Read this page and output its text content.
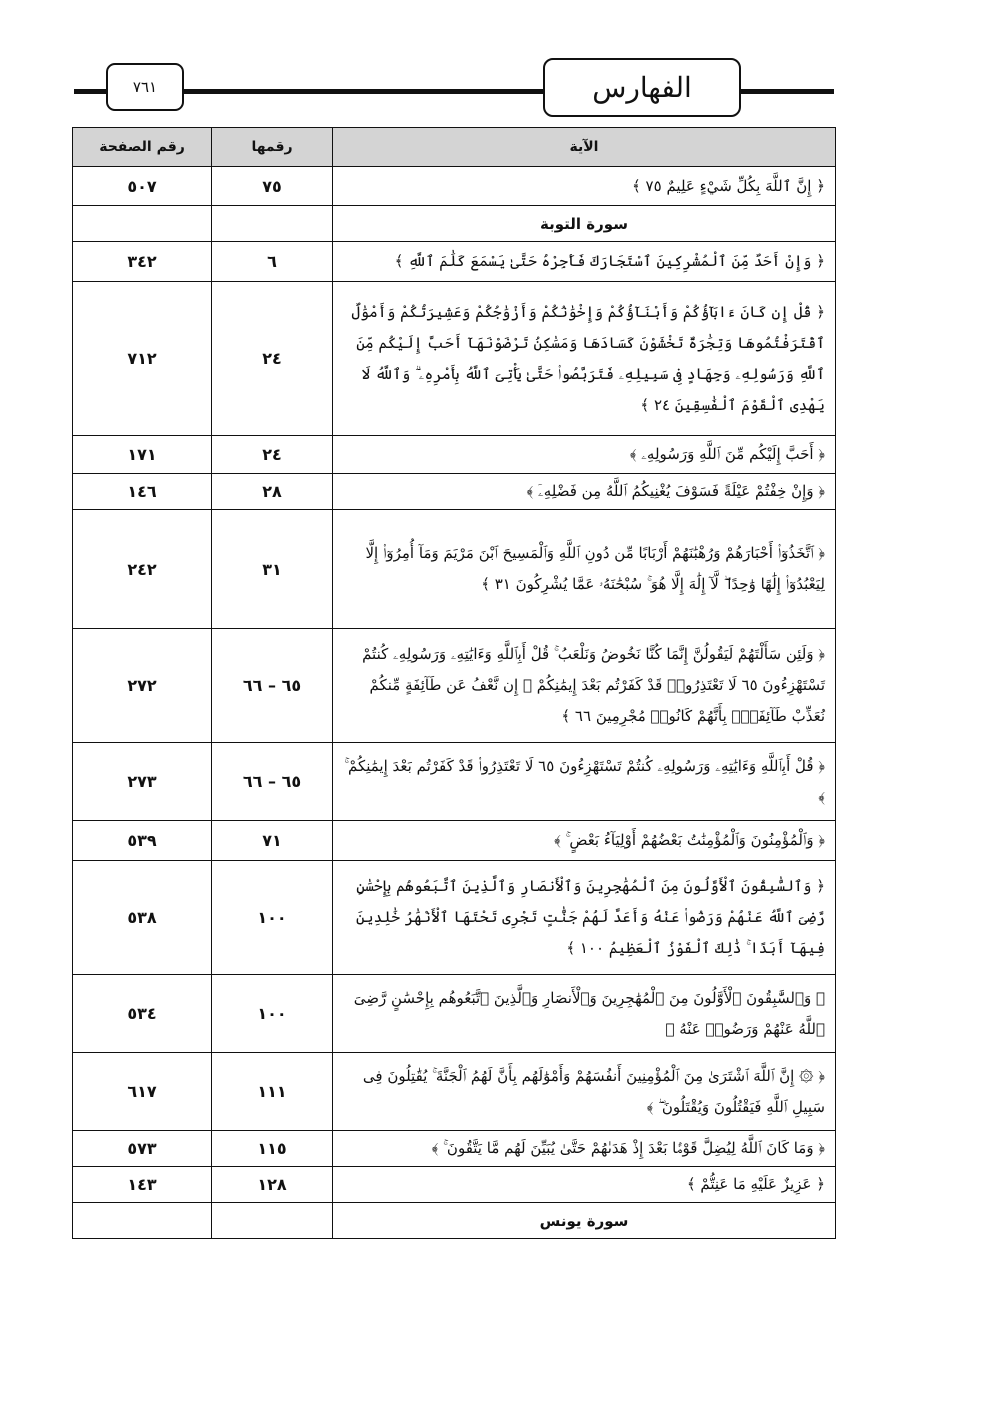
٧٦١	الفهارس
رقم الصفحة	رقمها	الآية
٥٠٧	٧٥	﴿ إِنَّ ٱللَّهَ بِكُلِّ شَيْءٍ عَلِيمٌ ٧٥ ﴾
		سورة التوبة
٣٤٢	٦	﴿ وَإِنْ أَحَدٌ مِّنَ ٱلْمُشْرِكِينَ ٱسْتَجَارَكَ فَأَجِرْهُ حَتَّىٰ يَسْمَعَ كَلَٰمَ ٱللَّهِ ﴾
٧١٢	٢٤	﴿ قُلْ إِن كَانَ ءَابَآؤُكُمْ وَأَبْنَآؤُكُمْ وَإِخْوَٰنُكُمْ وَأَزْوَٰجُكُمْ وَعَشِيرَتُكُمْ وَأَمْوَٰلٌ ٱقْتَرَفْتُمُوهَا وَتِجَٰرَةٌ تَخْشَوْنَ كَسَادَهَا وَمَسَٰكِنُ تَرْضَوْنَهَآ أَحَبَّ إِلَيْكُم مِّنَ ٱللَّهِ وَرَسُولِهِۦ وَجِهَادٍ فِى سَبِيلِهِۦ فَتَرَبَّصُوا۟ حَتَّىٰ يَأْتِىَ ٱللَّهُ بِأَمْرِهِۦ ۗ وَٱللَّهُ لَا يَهْدِى ٱلْقَوْمَ ٱلْفَٰسِقِينَ ٢٤ ﴾
١٧١	٢٤	﴿ أَحَبَّ إِلَيْكُم مِّنَ ٱللَّهِ وَرَسُولِهِۦ ﴾
١٤٦	٢٨	﴿ وَإِنْ خِفْتُمْ عَيْلَةً فَسَوْفَ يُغْنِيكُمُ ٱللَّهُ مِن فَضْلِهِۦٓ ﴾
٢٤٢	٣١	﴿ ٱتَّخَذُوٓا۟ أَحْبَارَهُمْ وَرُهْبَٰنَهُمْ أَرْبَابًا مِّن دُونِ ٱللَّهِ وَٱلْمَسِيحَ ٱبْنَ مَرْيَمَ وَمَآ أُمِرُوٓا۟ إِلَّا لِيَعْبُدُوٓا۟ إِلَٰهًا وَٰحِدًا ۖ لَّآ إِلَٰهَ إِلَّا هُوَ ۚ سُبْحَٰنَهُۥ عَمَّا يُشْرِكُونَ ٣١ ﴾
٢٧٢	٦٥ – ٦٦	﴿ وَلَئِن سَأَلْتَهُمْ لَيَقُولُنَّ إِنَّمَا كُنَّا نَخُوضُ وَنَلْعَبُ ۚ قُلْ أَبِٱللَّهِ وَءَايَٰتِهِۦ وَرَسُولِهِۦ كُنتُمْ تَسْتَهْزِءُونَ ٦٥ لَا تَعْتَذِرُوا۟ قَدْ كَفَرْتُم بَعْدَ إِيمَٰنِكُمْ ۚ إِن نَّعْفُ عَن طَآئِفَةٍ مِّنكُمْ نُعَذِّبْ طَآئِفَةًۢ بِأَنَّهُمْ كَانُوا۟ مُجْرِمِينَ ٦٦ ﴾
٢٧٣	٦٥ – ٦٦	﴿ قُلْ أَبِٱللَّهِ وَءَايَٰتِهِۦ وَرَسُولِهِۦ كُنتُمْ تَسْتَهْزِءُونَ ٦٥ لَا تَعْتَذِرُوا۟ قَدْ كَفَرْتُم بَعْدَ إِيمَٰنِكُمْ ۚ ﴾
٥٣٩	٧١	﴿ وَٱلْمُؤْمِنُونَ وَٱلْمُؤْمِنَٰتُ بَعْضُهُمْ أَوْلِيَآءُ بَعْضٍ ۚ ﴾
٥٣٨	١٠٠	﴿ وَٱلسَّٰبِقُونَ ٱلْأَوَّلُونَ مِنَ ٱلْمُهَٰجِرِينَ وَٱلْأَنصَارِ وَٱلَّذِينَ ٱتَّبَعُوهُم بِإِحْسَٰنٍ رَّضِىَ ٱللَّهُ عَنْهُمْ وَرَضُوا۟ عَنْهُ وَأَعَدَّ لَهُمْ جَنَّٰتٍ تَجْرِى تَحْتَهَا ٱلْأَنْهَٰرُ خَٰلِدِينَ فِيهَآ أَبَدًا ۚ ذَٰلِكَ ٱلْفَوْزُ ٱلْعَظِيمُ ١٠٠ ﴾
٥٣٤	١٠٠	﴿ وَٱلسَّٰبِقُونَ ٱلْأَوَّلُونَ مِنَ ٱلْمُهَٰجِرِينَ وَٱلْأَنصَارِ وَٱلَّذِينَ ٱتَّبَعُوهُم بِإِحْسَٰنٍ رَّضِىَ ٱللَّهُ عَنْهُمْ وَرَضُوا۟ عَنْهُ ﴾
٦١٧	١١١	﴿ ۞ إِنَّ ٱللَّهَ ٱشْتَرَىٰ مِنَ ٱلْمُؤْمِنِينَ أَنفُسَهُمْ وَأَمْوَٰلَهُم بِأَنَّ لَهُمُ ٱلْجَنَّةَ ۚ يُقَٰتِلُونَ فِى سَبِيلِ ٱللَّهِ فَيَقْتُلُونَ وَيُقْتَلُونَ ۖ ﴾
٥٧٣	١١٥	﴿ وَمَا كَانَ ٱللَّهُ لِيُضِلَّ قَوْمًۢا بَعْدَ إِذْ هَدَىٰهُمْ حَتَّىٰ يُبَيِّنَ لَهُم مَّا يَتَّقُونَ ۚ ﴾
١٤٣	١٢٨	﴿ عَزِيزٌ عَلَيْهِ مَا عَنِتُّمْ ﴾
		سورة يونس
